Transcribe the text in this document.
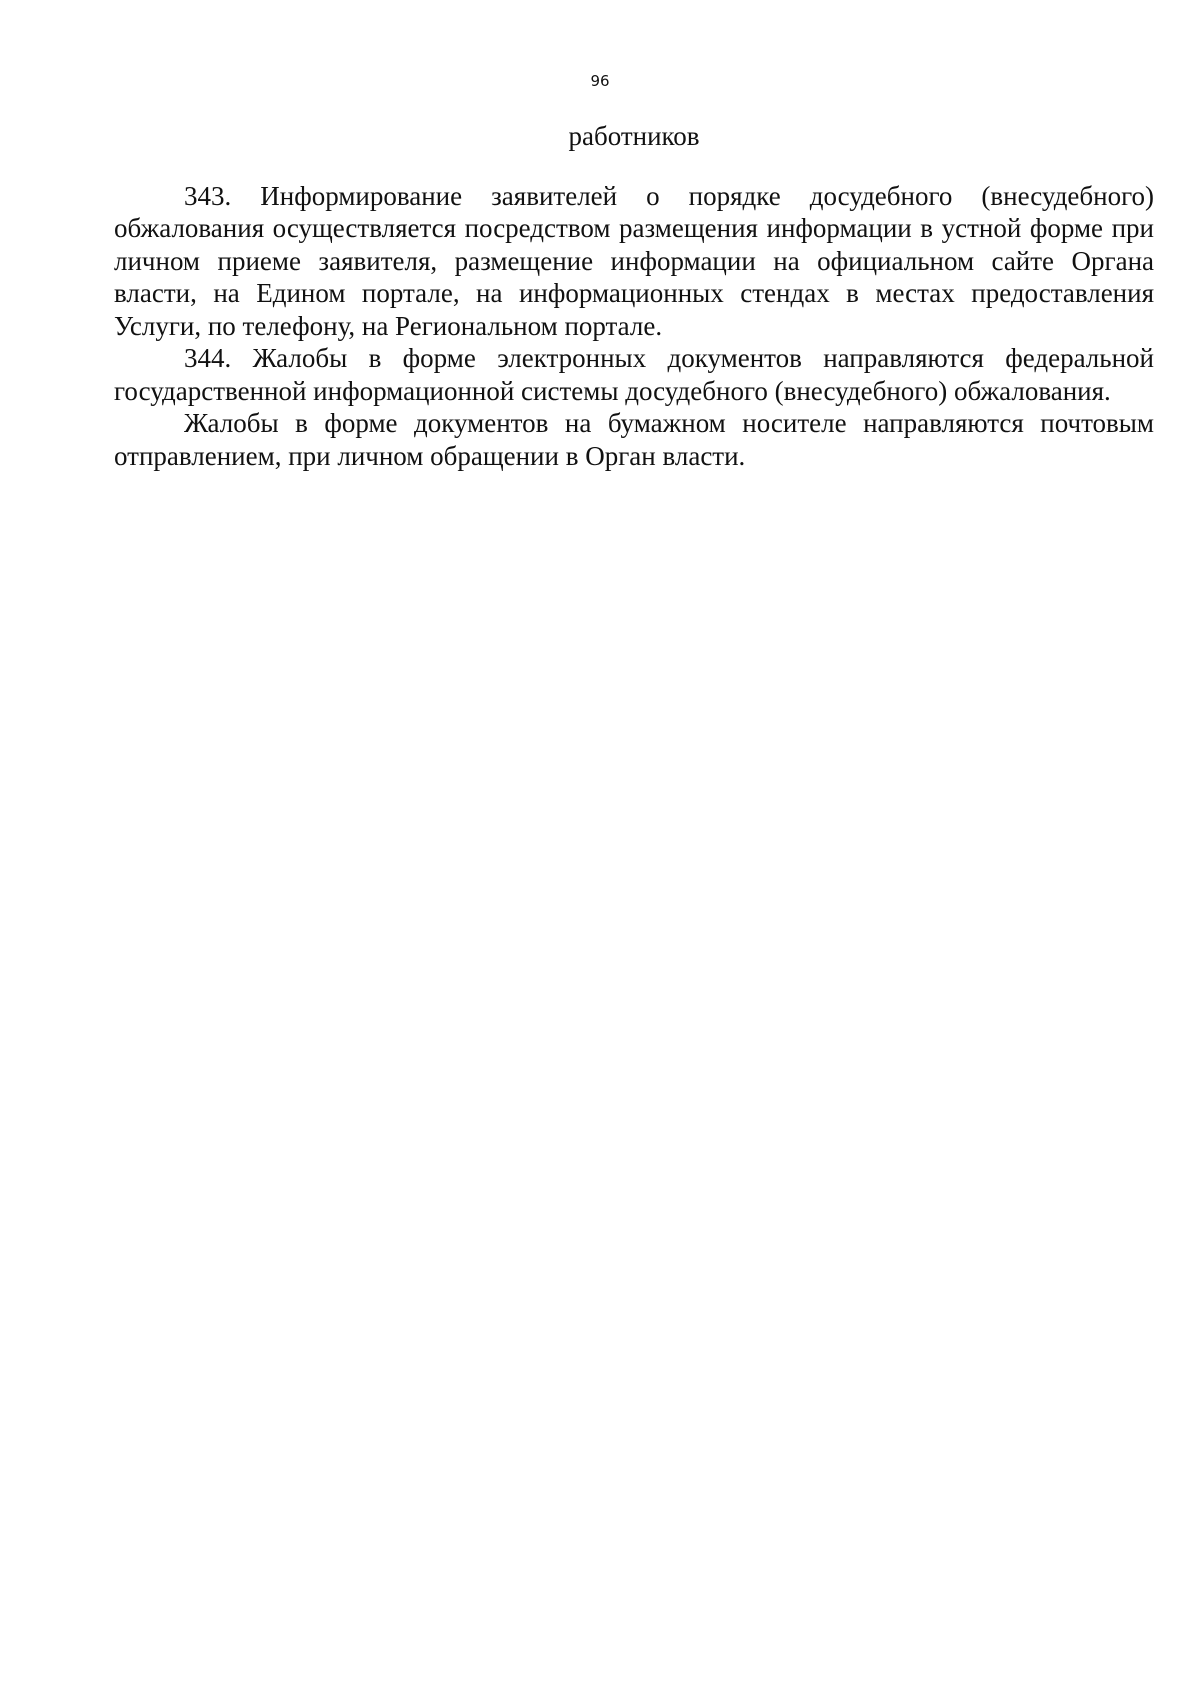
96

работников

343. Информирование заявителей о порядке досудебного (внесудебного) обжалования осуществляется посредством размещения информации в устной форме при личном приеме заявителя, размещение информации на официальном сайте Органа власти, на Едином портале, на информационных стендах в местах предоставления Услуги, по телефону, на Региональном портале.

344. Жалобы в форме электронных документов направляются федеральной государственной информационной системы досудебного (внесудебного) обжалования.

Жалобы в форме документов на бумажном носителе направляются почтовым отправлением, при личном обращении в Орган власти.
